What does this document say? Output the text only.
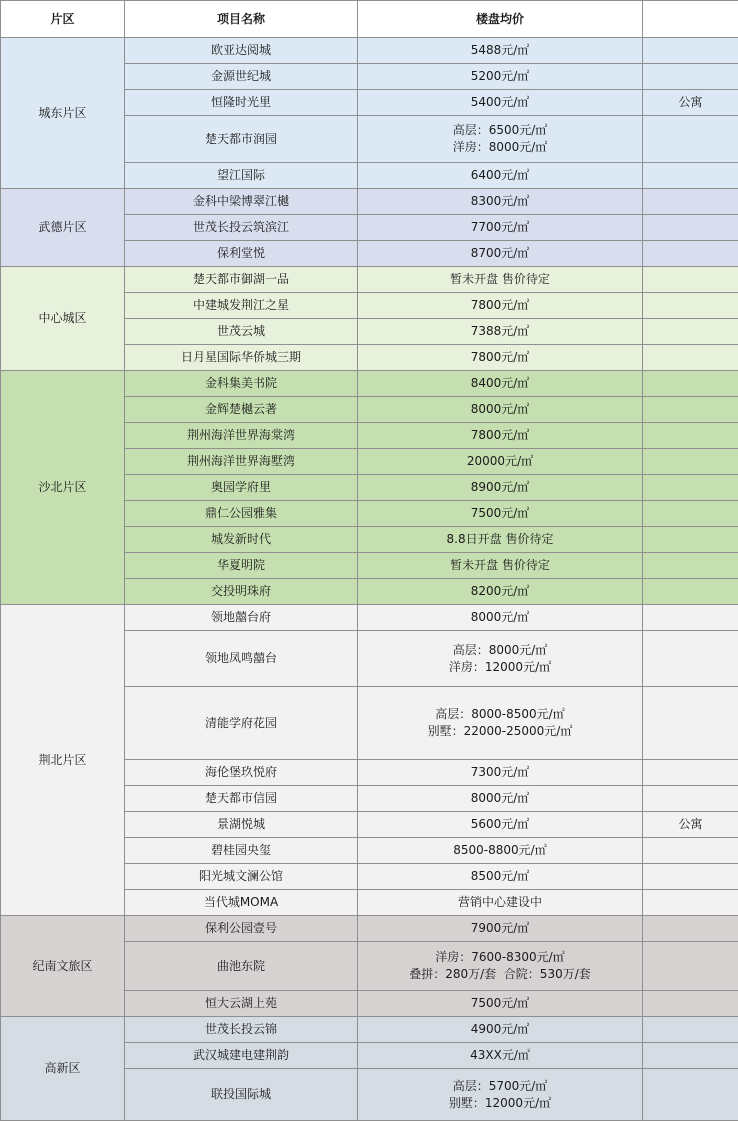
片区	项目名称	楼盘均价	
城东片区	欧亚达阅城	5488元/㎡	

	金源世纪城	5200元/㎡	

	恒隆时光里	5400元/㎡	公寓
	楚天都市润园	高层：6500元/㎡
洋房：8000元/㎡	

	望江国际	6400元/㎡	

武德片区	金科中梁博翠江樾	8300元/㎡	

	世茂长投云筑滨江	7700元/㎡	

	保利堂悦	8700元/㎡	

中心城区	楚天都市御湖一品	暂未开盘 售价待定	

	中建城发荆江之星	7800元/㎡	

	世茂云城	7388元/㎡	

	日月星国际华侨城三期	7800元/㎡	

沙北片区	金科集美书院	8400元/㎡	

	金辉楚樾云著	8000元/㎡	

	荆州海洋世界海棠湾	7800元/㎡	

	荆州海洋世界海墅湾	20000元/㎡	

	奥园学府里	8900元/㎡	

	鼎仁公园雅集	7500元/㎡	

	城发新时代	8.8日开盘 售价待定	

	华夏明院	暂未开盘 售价待定	

	交投明珠府	8200元/㎡	

荆北片区	领地囍台府	8000元/㎡	

	领地凤鸣囍台	高层：8000元/㎡
洋房：12000元/㎡	

	清能学府花园	高层：8000-8500元/㎡
别墅：22000-25000元/㎡	

	海伦堡玖悦府	7300元/㎡	

	楚天都市信园	8000元/㎡	

	景湖悦城	5600元/㎡	公寓
	碧桂园央玺	8500-8800元/㎡	

	阳光城文澜公馆	8500元/㎡	

	当代城MOMA	营销中心建设中	

纪南文旅区	保利公园壹号	7900元/㎡	

	曲池东院	洋房：7600-8300元/㎡
叠拼：280万/套  合院：530万/套	

	恒大云湖上苑	7500元/㎡	

高新区	世茂长投云锦	4900元/㎡	

	武汉城建电建荆韵	43XX元/㎡	

	联投国际城	高层：5700元/㎡
别墅：12000元/㎡	
